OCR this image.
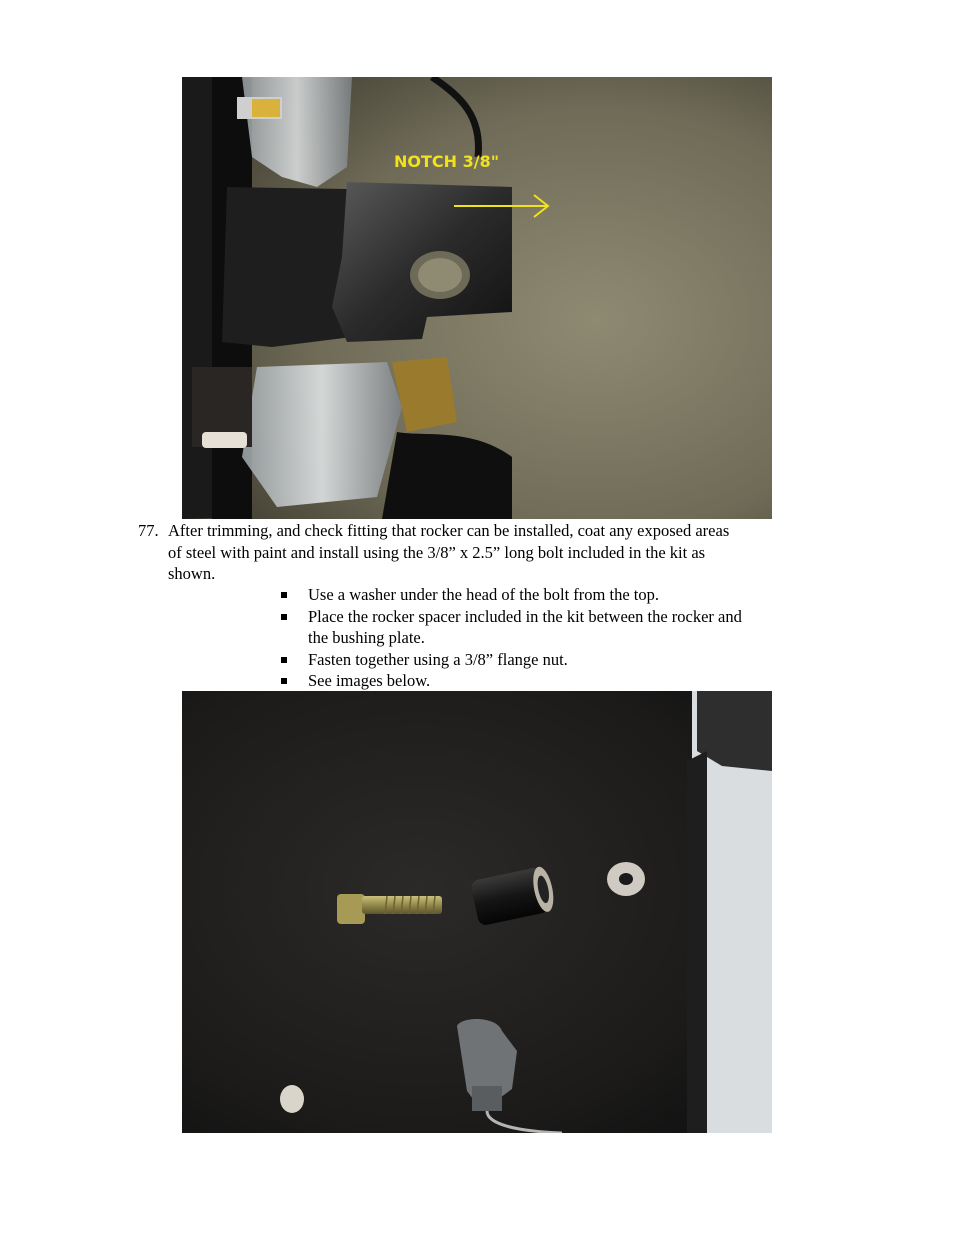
NOTCH 3/8"
77. After trimming, and check fitting that rocker can be installed, coat any exposed areas
of steel with paint and install using the 3/8” x 2.5” long bolt included in the kit as
shown.
Use a washer under the head of the bolt from the top.
Place the rocker spacer included in the kit between the rocker and
the bushing plate.
Fasten together using a 3/8” flange nut.
See images below.
